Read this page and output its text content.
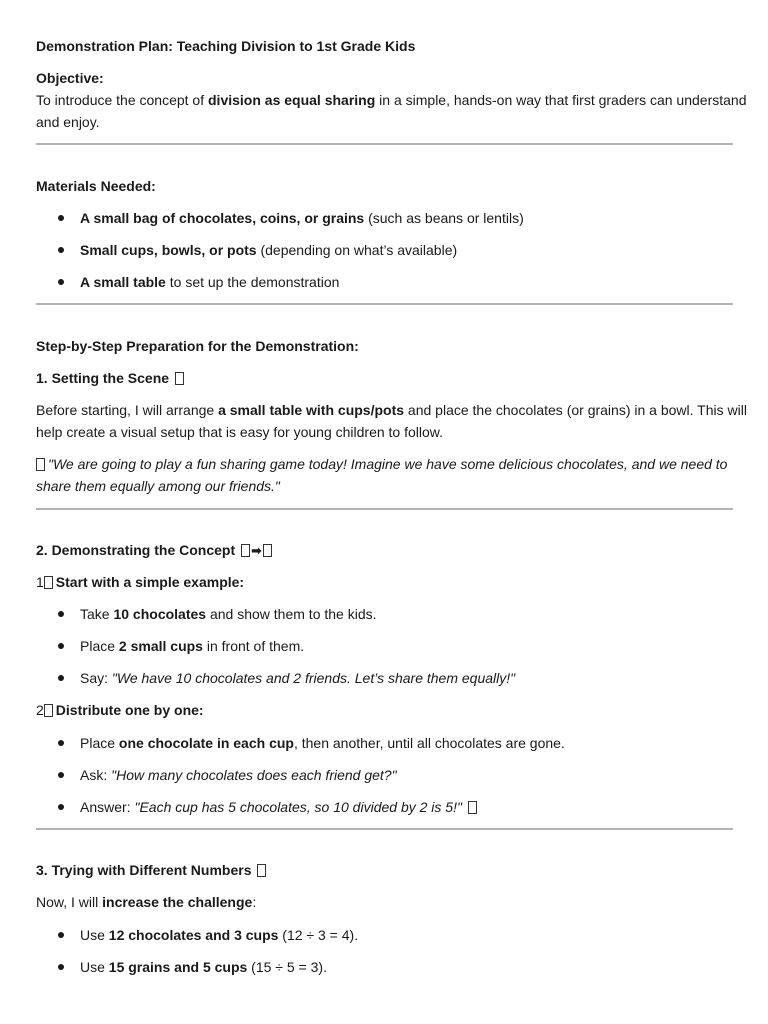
Demonstration Plan: Teaching Division to 1st Grade Kids
Objective:
To introduce the concept of division as equal sharing in a simple, hands-on way that first graders can understand
and enjoy.
Materials Needed:
A small bag of chocolates, coins, or grains (such as beans or lentils)
Small cups, bowls, or pots (depending on what’s available)
A small table to set up the demonstration
Step-by-Step Preparation for the Demonstration:
1. Setting the Scene
Before starting, I will arrange a small table with cups/pots and place the chocolates (or grains) in a bowl. This will
help create a visual setup that is easy for young children to follow.
"We are going to play a fun sharing game today! Imagine we have some delicious chocolates, and we need to
share them equally among our friends."
2. Demonstrating the Concept ➡
1 Start with a simple example:
Take 10 chocolates and show them to the kids.
Place 2 small cups in front of them.
Say: "We have 10 chocolates and 2 friends. Let’s share them equally!"
2 Distribute one by one:
Place one chocolate in each cup, then another, until all chocolates are gone.
Ask: "How many chocolates does each friend get?"
Answer: "Each cup has 5 chocolates, so 10 divided by 2 is 5!"
3. Trying with Different Numbers
Now, I will increase the challenge:
Use 12 chocolates and 3 cups (12 ÷ 3 = 4).
Use 15 grains and 5 cups (15 ÷ 5 = 3).
